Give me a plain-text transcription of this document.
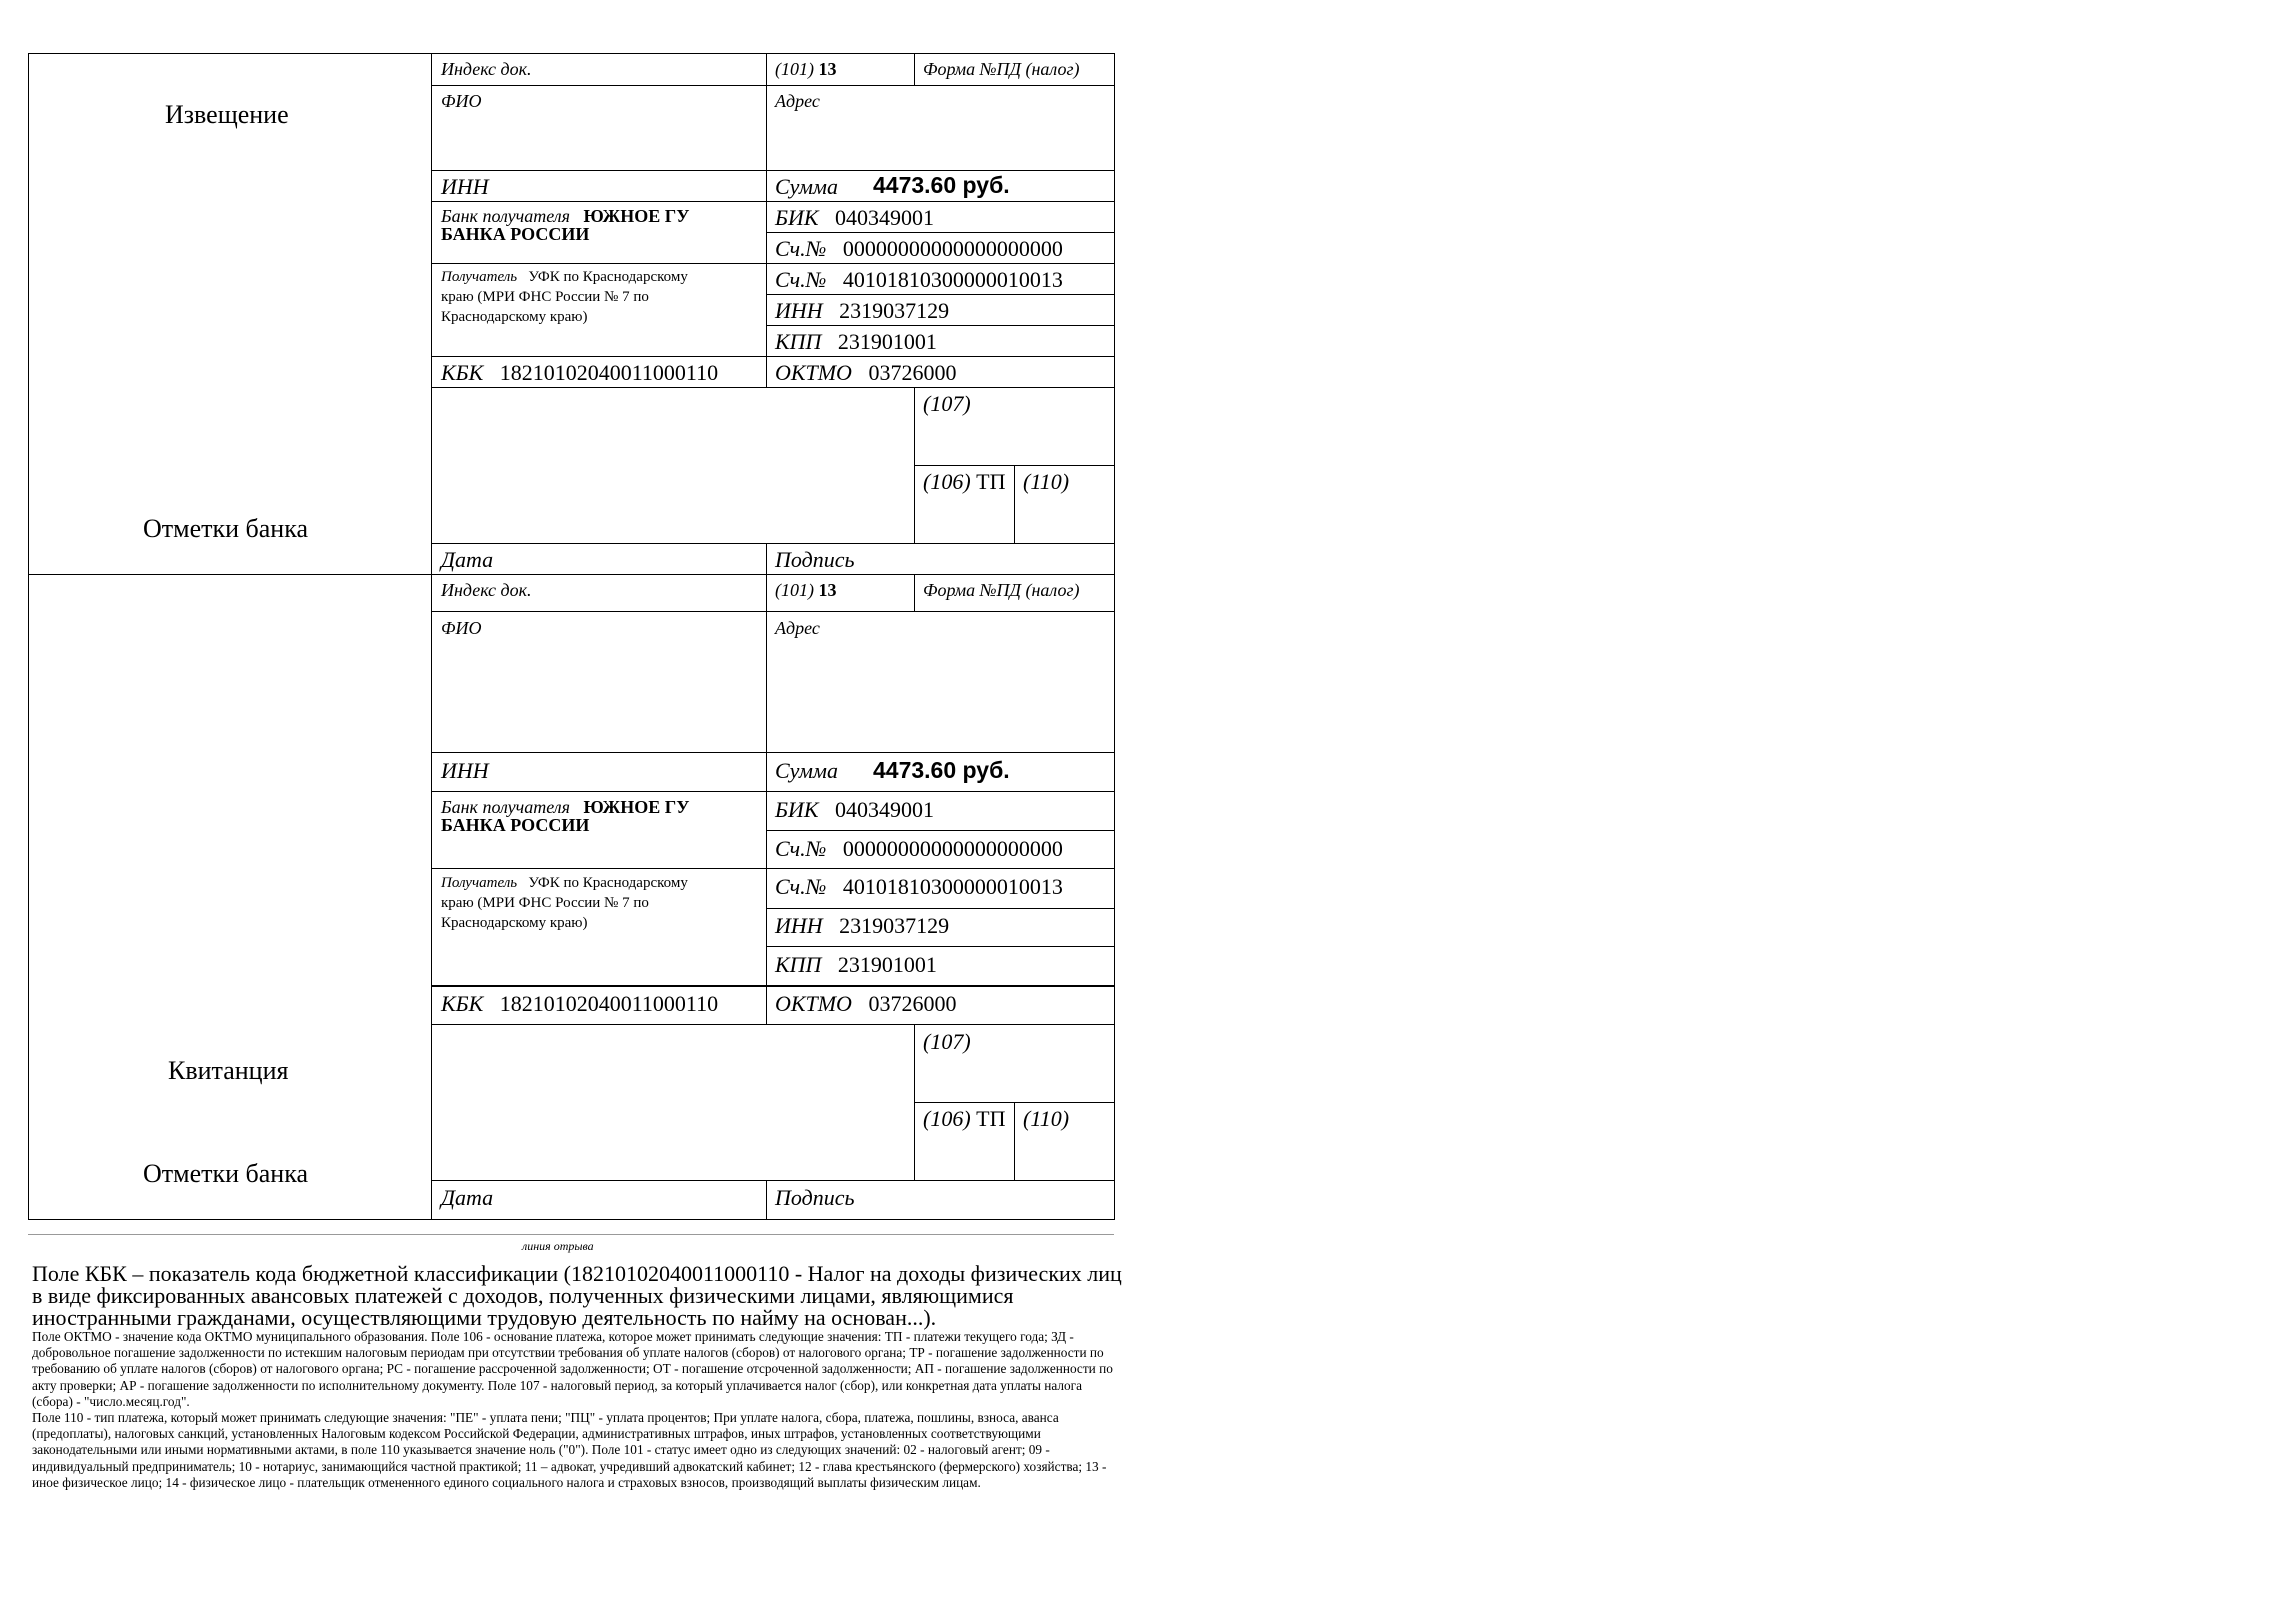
Извещение
Отметки банка
Индекс док.	(101) 13	Форма №ПД (налог)
ФИО	Адрес
ИНН	Сумма 4473.60 руб.
Банк получателя ЮЖНОЕ ГУ
БАНКА РОССИИ
БИК 040349001
Сч.№ 00000000000000000000
Получатель УФК по Краснодарскому
краю (МРИ ФНС России № 7 по
Краснодарскому краю)
Сч.№ 40101810300000010013
ИНН 2319037129
КПП 231901001
КБК 18210102040011000110	ОКТМО 03726000
(107)
(106) ТП (110)
Дата	Подпись
Квитанция
Отметки банка
Индекс док.	(101) 13	Форма №ПД (налог)
ФИО	Адрес
ИНН	Сумма 4473.60 руб.
Банк получателя ЮЖНОЕ ГУ
БАНКА РОССИИ
БИК 040349001
Сч.№ 00000000000000000000
Получатель УФК по Краснодарскому
краю (МРИ ФНС России № 7 по
Краснодарскому краю)
Сч.№ 40101810300000010013
ИНН 2319037129
КПП 231901001
КБК 18210102040011000110	ОКТМО 03726000
(107)
(106) ТП (110)
Дата	Подпись
линия отрыва
Поле КБК – показатель кода бюджетной классификации (18210102040011000110 - Налог на доходы физических лиц в виде фиксированных авансовых платежей с доходов, полученных физическими лицами, являющимися иностранными гражданами, осуществляющими трудовую деятельность по найму на основан...).
Поле ОКТМО - значение кода ОКТМО муниципального образования. Поле 106 - основание платежа, которое может принимать следующие значения: ТП - платежи текущего года; ЗД - добровольное погашение задолженности по истекшим налоговым периодам при отсутствии требования об уплате налогов (сборов) от налогового органа; ТР - погашение задолженности по требованию об уплате налогов (сборов) от налогового органа; РС - погашение рассроченной задолженности; ОТ - погашение отсроченной задолженности; АП - погашение задолженности по акту проверки; АР - погашение задолженности по исполнительному документу. Поле 107 - налоговый период, за который уплачивается налог (сбор), или конкретная дата уплаты налога (сбора) - "число.месяц.год".
Поле 110 - тип платежа, который может принимать следующие значения: "ПЕ" - уплата пени; "ПЦ" - уплата процентов; При уплате налога, сбора, платежа, пошлины, взноса, аванса (предоплаты), налоговых санкций, установленных Налоговым кодексом Российской Федерации, административных штрафов, иных штрафов, установленных соответствующими законодательными или иными нормативными актами, в поле 110 указывается значение ноль ("0"). Поле 101 - статус имеет одно из следующих значений: 02 - налоговый агент; 09 - индивидуальный предприниматель; 10 - нотариус, занимающийся частной практикой; 11 – адвокат, учредивший адвокатский кабинет; 12 - глава крестьянского (фермерского) хозяйства; 13 - иное физическое лицо; 14 - физическое лицо - плательщик отмененного единого социального налога и страховых взносов, производящий выплаты физическим лицам.
